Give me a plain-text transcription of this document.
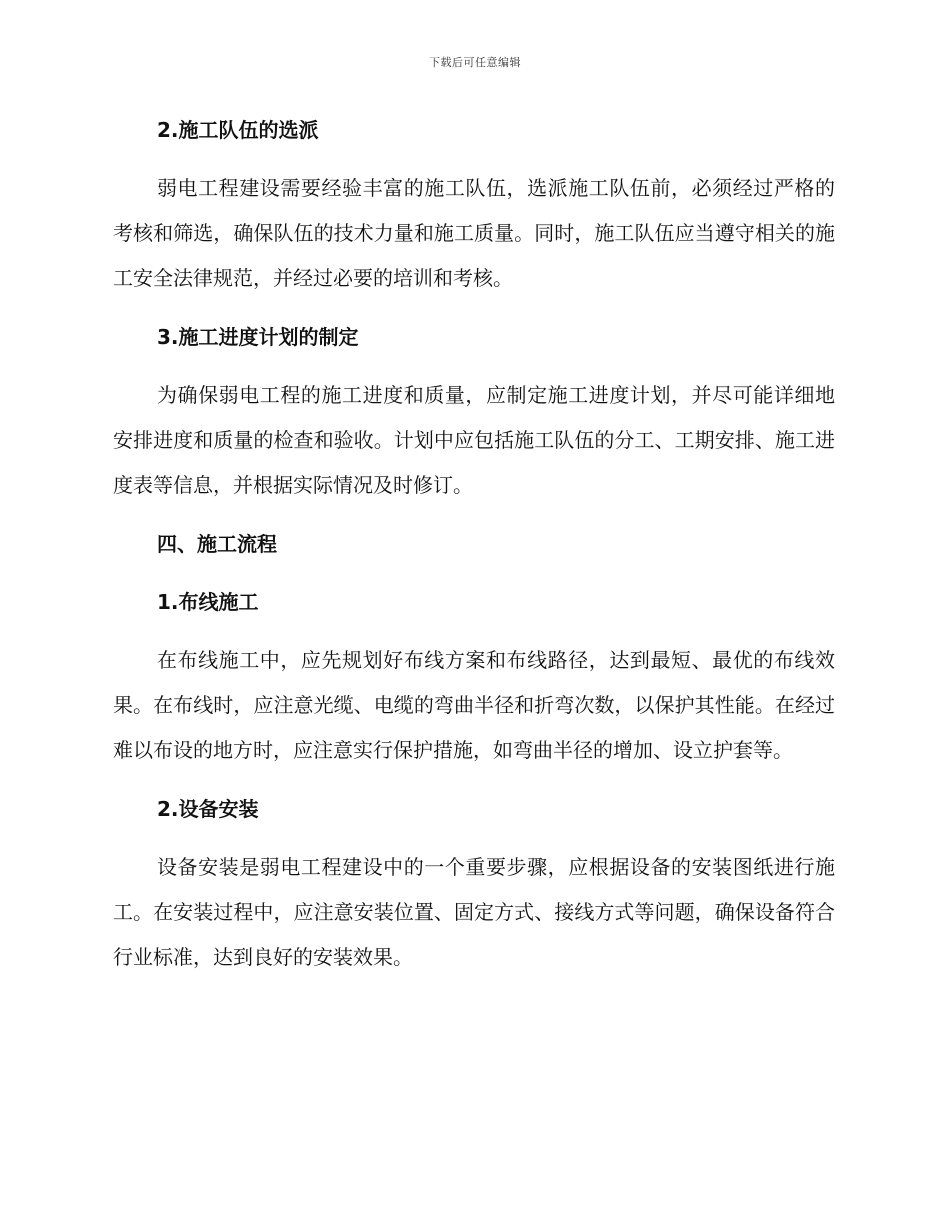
下载后可任意编辑
2.施工队伍的选派

弱电工程建设需要经验丰富的施工队伍，选派施工队伍前，必须经过严格的考核和筛选，确保队伍的技术力量和施工质量。同时，施工队伍应当遵守相关的施工安全法律规范，并经过必要的培训和考核。

3.施工进度计划的制定

为确保弱电工程的施工进度和质量，应制定施工进度计划，并尽可能详细地安排进度和质量的检查和验收。计划中应包括施工队伍的分工、工期安排、施工进度表等信息，并根据实际情况及时修订。

四、施工流程
1.布线施工

在布线施工中，应先规划好布线方案和布线路径，达到最短、最优的布线效果。在布线时，应注意光缆、电缆的弯曲半径和折弯次数，以保护其性能。在经过难以布设的地方时，应注意实行保护措施，如弯曲半径的增加、设立护套等。

2.设备安装

设备安装是弱电工程建设中的一个重要步骤，应根据设备的安装图纸进行施工。在安装过程中，应注意安装位置、固定方式、接线方式等问题，确保设备符合行业标准，达到良好的安装效果。
